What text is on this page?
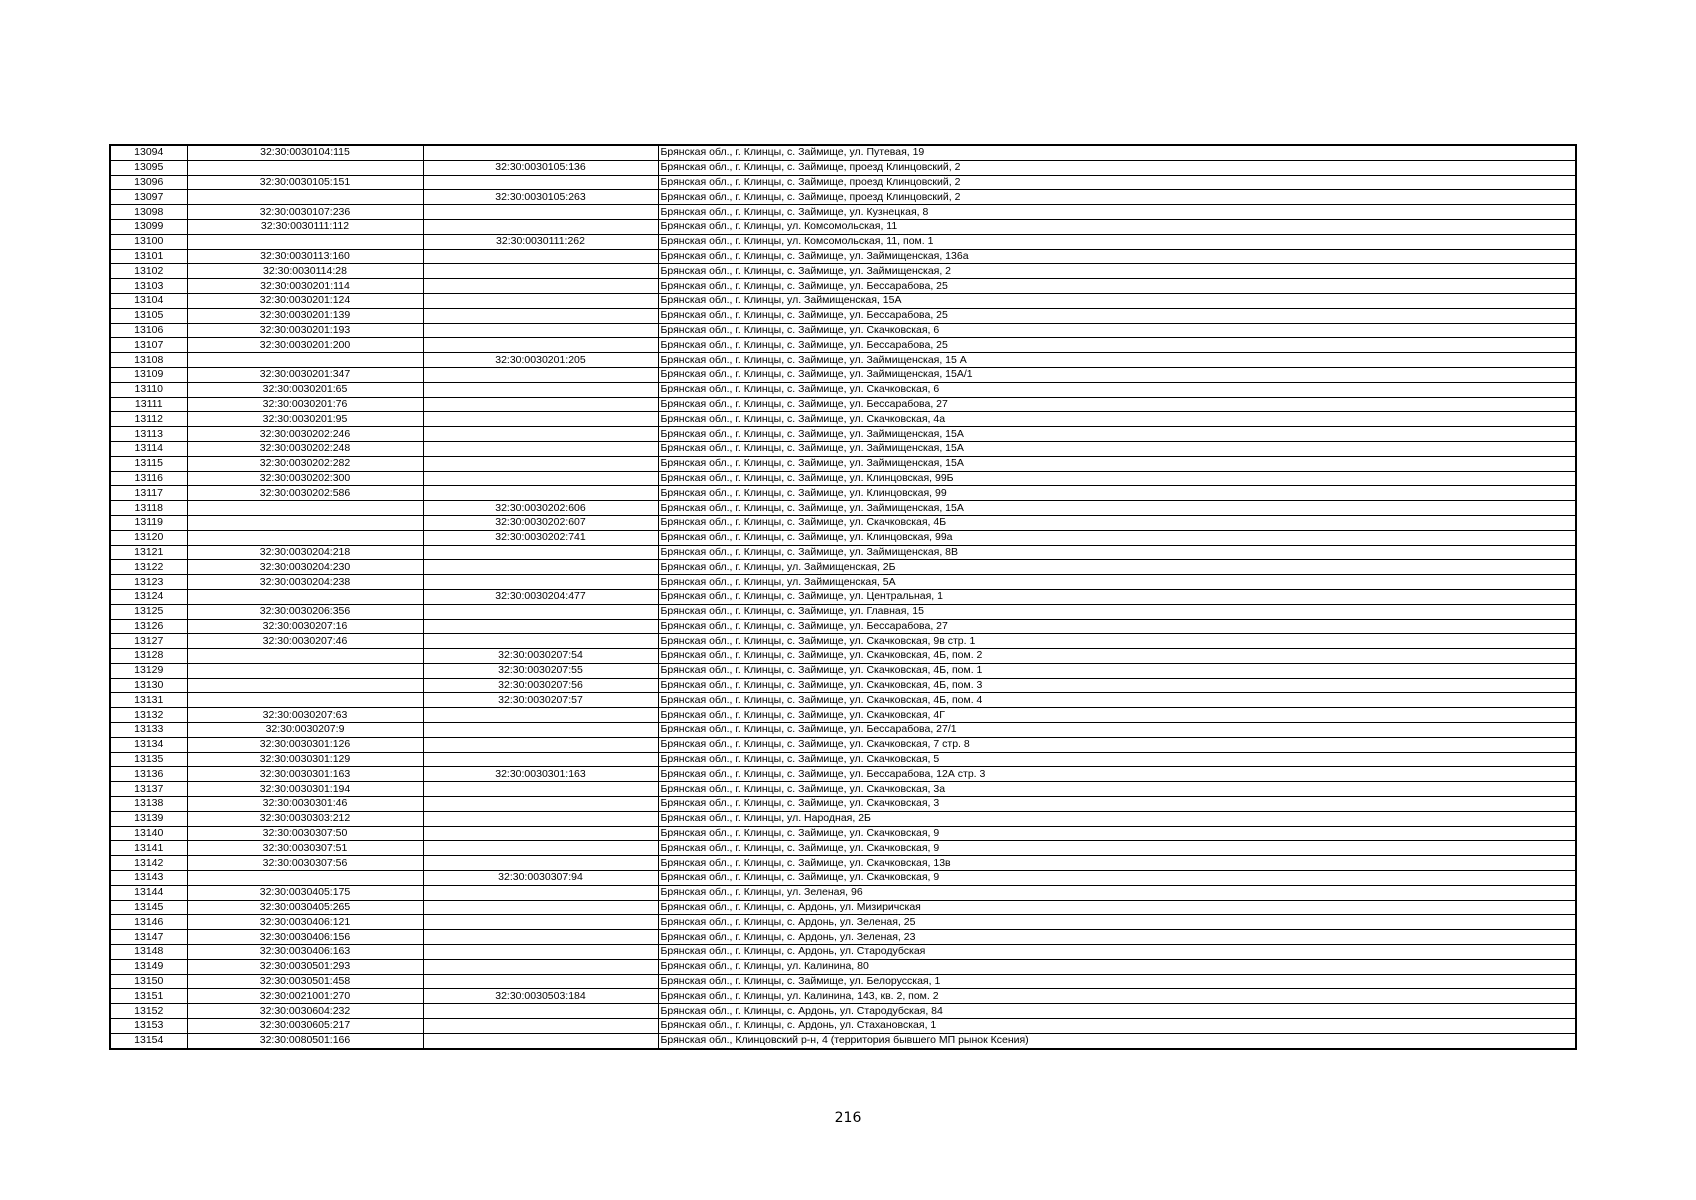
13094	32:30:0030104:115		Брянская обл., г. Клинцы, с. Займище, ул. Путевая, 19
13095		32:30:0030105:136	Брянская обл., г. Клинцы, с. Займище, проезд Клинцовский, 2
13096	32:30:0030105:151		Брянская обл., г. Клинцы, с. Займище, проезд Клинцовский, 2
13097		32:30:0030105:263	Брянская обл., г. Клинцы, с. Займище, проезд Клинцовский, 2
13098	32:30:0030107:236		Брянская обл., г. Клинцы, с. Займище, ул. Кузнецкая, 8
13099	32:30:0030111:112		Брянская обл., г. Клинцы, ул. Комсомольская, 11
13100		32:30:0030111:262	Брянская обл., г. Клинцы, ул. Комсомольская, 11, пом. 1
13101	32:30:0030113:160		Брянская обл., г. Клинцы, с. Займище, ул. Займищенская, 136а
13102	32:30:0030114:28		Брянская обл., г. Клинцы, с. Займище, ул. Займищенская, 2
13103	32:30:0030201:114		Брянская обл., г. Клинцы, с. Займище, ул. Бессарабова, 25
13104	32:30:0030201:124		Брянская обл., г. Клинцы, ул. Займищенская, 15А
13105	32:30:0030201:139		Брянская обл., г. Клинцы, с. Займище, ул. Бессарабова, 25
13106	32:30:0030201:193		Брянская обл., г. Клинцы, с. Займище, ул. Скачковская, 6
13107	32:30:0030201:200		Брянская обл., г. Клинцы, с. Займище, ул. Бессарабова, 25
13108		32:30:0030201:205	Брянская обл., г. Клинцы, с. Займище, ул. Займищенская, 15 А
13109	32:30:0030201:347		Брянская обл., г. Клинцы, с. Займище, ул. Займищенская, 15А/1
13110	32:30:0030201:65		Брянская обл., г. Клинцы, с. Займище, ул. Скачковская, 6
13111	32:30:0030201:76		Брянская обл., г. Клинцы, с. Займище, ул. Бессарабова, 27
13112	32:30:0030201:95		Брянская обл., г. Клинцы, с. Займище, ул. Скачковская, 4а
13113	32:30:0030202:246		Брянская обл., г. Клинцы, с. Займище, ул. Займищенская, 15А
13114	32:30:0030202:248		Брянская обл., г. Клинцы, с. Займище, ул. Займищенская, 15А
13115	32:30:0030202:282		Брянская обл., г. Клинцы, с. Займище, ул. Займищенская, 15А
13116	32:30:0030202:300		Брянская обл., г. Клинцы, с. Займище, ул. Клинцовская, 99Б
13117	32:30:0030202:586		Брянская обл., г. Клинцы, с. Займище, ул. Клинцовская, 99
13118		32:30:0030202:606	Брянская обл., г. Клинцы, с. Займище, ул. Займищенская, 15А
13119		32:30:0030202:607	Брянская обл., г. Клинцы, с. Займище, ул. Скачковская, 4Б
13120		32:30:0030202:741	Брянская обл., г. Клинцы, с. Займище, ул. Клинцовская, 99а
13121	32:30:0030204:218		Брянская обл., г. Клинцы, с. Займище, ул. Займищенская, 8В
13122	32:30:0030204:230		Брянская обл., г. Клинцы, ул. Займищенская, 2Б
13123	32:30:0030204:238		Брянская обл., г. Клинцы, ул. Займищенская, 5А
13124		32:30:0030204:477	Брянская обл., г. Клинцы, с. Займище, ул. Центральная, 1
13125	32:30:0030206:356		Брянская обл., г. Клинцы, с. Займище, ул. Главная, 15
13126	32:30:0030207:16		Брянская обл., г. Клинцы, с. Займище, ул. Бессарабова, 27
13127	32:30:0030207:46		Брянская обл., г. Клинцы, с. Займище, ул. Скачковская, 9в стр. 1
13128		32:30:0030207:54	Брянская обл., г. Клинцы, с. Займище, ул. Скачковская, 4Б, пом. 2
13129		32:30:0030207:55	Брянская обл., г. Клинцы, с. Займище, ул. Скачковская, 4Б, пом. 1
13130		32:30:0030207:56	Брянская обл., г. Клинцы, с. Займище, ул. Скачковская, 4Б, пом. 3
13131		32:30:0030207:57	Брянская обл., г. Клинцы, с. Займище, ул. Скачковская, 4Б, пом. 4
13132	32:30:0030207:63		Брянская обл., г. Клинцы, с. Займище, ул. Скачковская, 4Г
13133	32:30:0030207:9		Брянская обл., г. Клинцы, с. Займище, ул. Бессарабова, 27/1
13134	32:30:0030301:126		Брянская обл., г. Клинцы, с. Займище, ул. Скачковская, 7 стр. 8
13135	32:30:0030301:129		Брянская обл., г. Клинцы, с. Займище, ул. Скачковская, 5
13136	32:30:0030301:163	32:30:0030301:163	Брянская обл., г. Клинцы, с. Займище, ул. Бессарабова, 12А стр. 3
13137	32:30:0030301:194		Брянская обл., г. Клинцы, с. Займище, ул. Скачковская, 3а
13138	32:30:0030301:46		Брянская обл., г. Клинцы, с. Займище, ул. Скачковская, 3
13139	32:30:0030303:212		Брянская обл., г. Клинцы, ул. Народная, 2Б
13140	32:30:0030307:50		Брянская обл., г. Клинцы, с. Займище, ул. Скачковская, 9
13141	32:30:0030307:51		Брянская обл., г. Клинцы, с. Займище, ул. Скачковская, 9
13142	32:30:0030307:56		Брянская обл., г. Клинцы, с. Займище, ул. Скачковская, 13в
13143		32:30:0030307:94	Брянская обл., г. Клинцы, с. Займище, ул. Скачковская, 9
13144	32:30:0030405:175		Брянская обл., г. Клинцы, ул. Зеленая, 96
13145	32:30:0030405:265		Брянская обл., г. Клинцы, с. Ардонь, ул. Мизиричская
13146	32:30:0030406:121		Брянская обл., г. Клинцы, с. Ардонь, ул. Зеленая, 25
13147	32:30:0030406:156		Брянская обл., г. Клинцы, с. Ардонь, ул. Зеленая, 23
13148	32:30:0030406:163		Брянская обл., г. Клинцы, с. Ардонь, ул. Стародубская
13149	32:30:0030501:293		Брянская обл., г. Клинцы, ул. Калинина, 80
13150	32:30:0030501:458		Брянская обл., г. Клинцы, с. Займище, ул. Белорусская, 1
13151	32:30:0021001:270	32:30:0030503:184	Брянская обл., г. Клинцы, ул. Калинина, 143, кв. 2, пом. 2
13152	32:30:0030604:232		Брянская обл., г. Клинцы, с. Ардонь, ул. Стародубская, 84
13153	32:30:0030605:217		Брянская обл., г. Клинцы, с. Ардонь, ул. Стахановская, 1
13154	32:30:0080501:166		Брянская обл., Клинцовский р-н, 4 (территория бывшего МП рынок Ксения)
216
